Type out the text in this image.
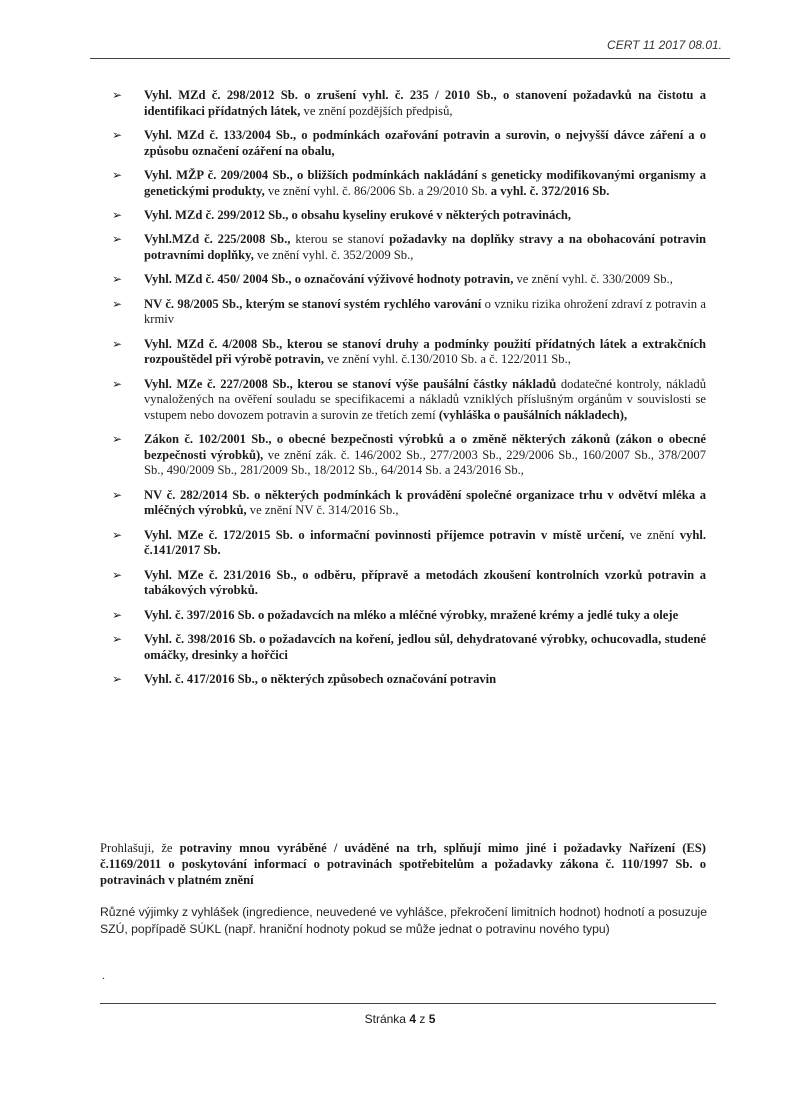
CERT 11 2017 08.01.
➢ Vyhl. MZd č. 298/2012 Sb. o zrušení vyhl. č. 235 / 2010 Sb., o stanovení požadavků na čistotu a identifikaci přídatných látek, ve znění pozdějších předpisů,
➢ Vyhl. MZd č. 133/2004 Sb., o podmínkách ozařování potravin a surovin, o nejvyšší dávce záření a o způsobu označení ozáření na obalu,
➢ Vyhl. MŽP č. 209/2004 Sb., o bližších podmínkách nakládání s geneticky modifikovanými organismy a genetickými produkty, ve znění vyhl. č. 86/2006 Sb. a 29/2010 Sb. a vyhl. č. 372/2016 Sb.
➢ Vyhl. MZd č. 299/2012 Sb., o obsahu kyseliny erukové v některých potravinách,
➢ Vyhl.MZd č. 225/2008 Sb., kterou se stanoví požadavky na doplňky stravy a na obohacování potravin potravními doplňky, ve znění vyhl. č. 352/2009 Sb.,
➢ Vyhl. MZd č. 450/ 2004 Sb., o označování výživové hodnoty potravin, ve znění vyhl. č. 330/2009 Sb.,
➢ NV č. 98/2005 Sb., kterým se stanoví systém rychlého varování o vzniku rizika ohrožení zdraví z potravin a krmiv
➢ Vyhl. MZd č. 4/2008 Sb., kterou se stanoví druhy a podmínky použití přídatných látek a extrakčních rozpouštědel při výrobě potravin, ve znění vyhl. č.130/2010 Sb. a č. 122/2011 Sb.,
➢ Vyhl. MZe č. 227/2008 Sb., kterou se stanoví výše paušální částky nákladů dodatečné kontroly, nákladů vynaložených na ověření souladu se specifikacemi a nákladů vzniklých příslušným orgánům v souvislosti se vstupem nebo dovozem potravin a surovin ze třetích zemí (vyhláška o paušálních nákladech),
➢ Zákon č. 102/2001 Sb., o obecné bezpečnosti výrobků a o změně některých zákonů (zákon o obecné bezpečnosti výrobků), ve znění zák. č. 146/2002 Sb., 277/2003 Sb., 229/2006 Sb., 160/2007 Sb., 378/2007 Sb., 490/2009 Sb., 281/2009 Sb., 18/2012 Sb., 64/2014 Sb. a 243/2016 Sb.,
➢ NV č. 282/2014 Sb. o některých podmínkách k provádění společné organizace trhu v odvětví mléka a mléčných výrobků, ve znění NV č. 314/2016 Sb.,
➢ Vyhl. MZe č. 172/2015 Sb. o informační povinnosti příjemce potravin v místě určení, ve znění vyhl. č.141/2017 Sb.
➢ Vyhl. MZe č. 231/2016 Sb., o odběru, přípravě a metodách zkoušení kontrolních vzorků potravin a tabákových výrobků.
➢ Vyhl. č. 397/2016 Sb. o požadavcích na mléko a mléčné výrobky, mražené krémy a jedlé tuky a oleje
➢ Vyhl. č. 398/2016 Sb. o požadavcích na koření, jedlou sůl, dehydratované výrobky, ochucovadla, studené omáčky, dresinky a hořčici
➢ Vyhl. č. 417/2016 Sb., o některých způsobech označování potravin

Prohlašuji, že potraviny mnou vyráběné / uváděné na trh, splňují mimo jiné i požadavky Nařízení (ES) č.1169/2011 o poskytování informací o potravinách spotřebitelům a požadavky zákona č. 110/1997 Sb. o potravinách v platném znění

Různé výjimky z vyhlášek (ingredience, neuvedené ve vyhlášce, překročení limitních hodnot) hodnotí a posuzuje SZÚ, popřípadě SÚKL (např. hraniční hodnoty pokud se může jednat o potravinu nového typu)

.
Stránka 4 z 5
